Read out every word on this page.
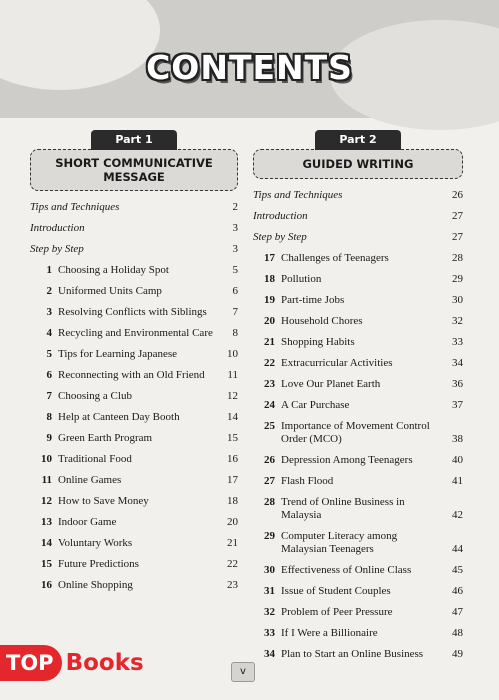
CONTENTS
Part 1
SHORT COMMUNICATIVE MESSAGE
Tips and Techniques	2
Introduction	3
Step by Step	3
1 Choosing a Holiday Spot	5
2 Uniformed Units Camp	6
3 Resolving Conflicts with Siblings	7
4 Recycling and Environmental Care	8
5 Tips for Learning Japanese	10
6 Reconnecting with an Old Friend	11
7 Choosing a Club	12
8 Help at Canteen Day Booth	14
9 Green Earth Program	15
10 Traditional Food	16
11 Online Games	17
12 How to Save Money	18
13 Indoor Game	20
14 Voluntary Works	21
15 Future Predictions	22
16 Online Shopping	23
Part 2
GUIDED WRITING
Tips and Techniques	26
Introduction	27
Step by Step	27
17 Challenges of Teenagers	28
18 Pollution	29
19 Part-time Jobs	30
20 Household Chores	32
21 Shopping Habits	33
22 Extracurricular Activities	34
23 Love Our Planet Earth	36
24 A Car Purchase	37
25 Importance of Movement Control Order (MCO)	38
26 Depression Among Teenagers	40
27 Flash Flood	41
28 Trend of Online Business in Malaysia	42
29 Computer Literacy among Malaysian Teenagers	44
30 Effectiveness of Online Class	45
31 Issue of Student Couples	46
32 Problem of Peer Pressure	47
33 If I Were a Billionaire	48
34 Plan to Start an Online Business	49
TOP Books	v
